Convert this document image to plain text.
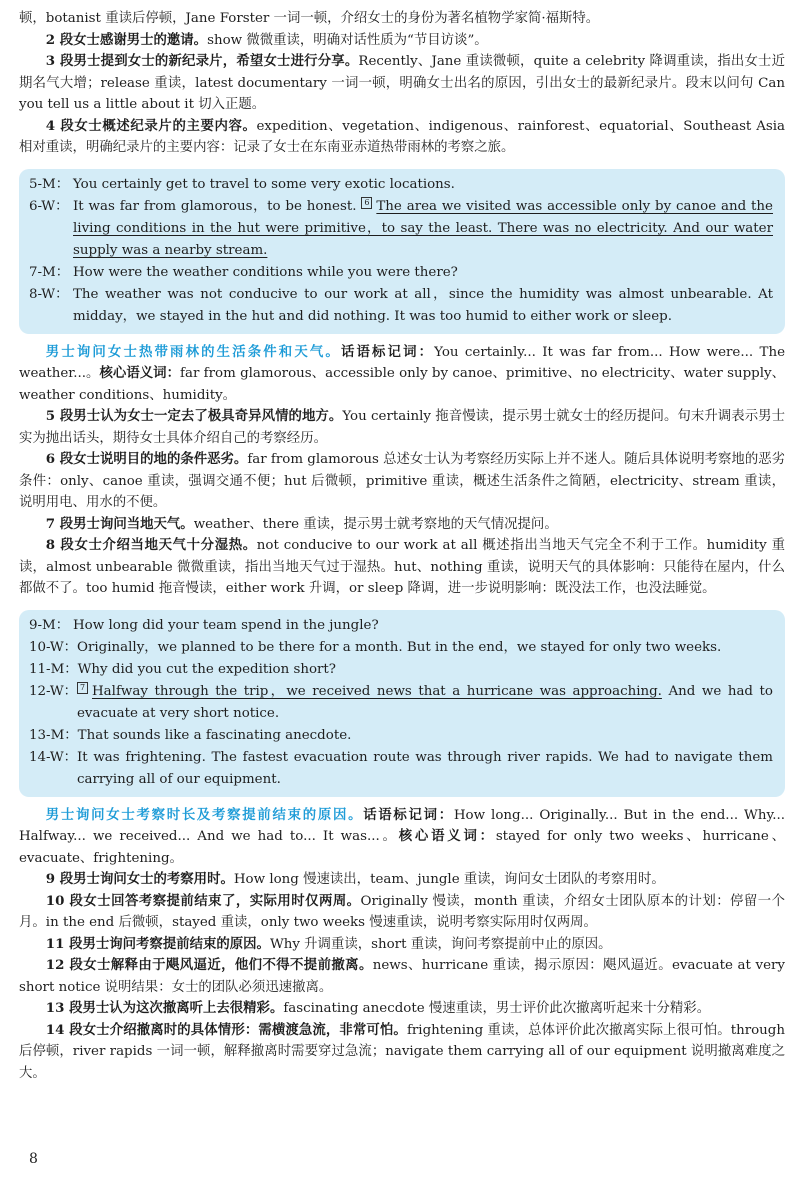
顿，botanist 重读后停顿，Jane Forster 一词一顿，介绍女士的身份为著名植物学家简·福斯特。

2 段女士感谢男士的邀请。show 微微重读，明确对话性质为“节目访谈”。

3 段男士提到女士的新纪录片，希望女士进行分享。Recently、Jane 重读微顿，quite a celebrity 降调重读，指出女士近期名气大增；release 重读，latest documentary 一词一顿，明确女士出名的原因，引出女士的最新纪录片。段末以问句 Can you tell us a little about it 切入正题。

4 段女士概述纪录片的主要内容。expedition、vegetation、indigenous、rainforest、equatorial、Southeast Asia 相对重读，明确纪录片的主要内容：记录了女士在东南亚赤道热带雨林的考察之旅。

5-M： You certainly get to travel to some very exotic locations.
6-W： It was far from glamorous，to be honest. 6 The area we visited was accessible only by canoe and the living conditions in the hut were primitive，to say the least. There was no electricity. And our water supply was a nearby stream.
7-M： How were the weather conditions while you were there?
8-W： The weather was not conducive to our work at all，since the humidity was almost unbearable. At midday，we stayed in the hut and did nothing. It was too humid to either work or sleep.

男士询问女士热带雨林的生活条件和天气。话语标记词：You certainly... It was far from... How were... The weather...。核心语义词：far from glamorous、accessible only by canoe、primitive、no electricity、water supply、weather conditions、humidity。

5 段男士认为女士一定去了极具奇异风情的地方。You certainly 拖音慢读，提示男士就女士的经历提问。句末升调表示男士实为抛出话头，期待女士具体介绍自己的考察经历。

6 段女士说明目的地的条件恶劣。far from glamorous 总述女士认为考察经历实际上并不迷人。随后具体说明考察地的恶劣条件：only、canoe 重读，强调交通不便；hut 后微顿，primitive 重读，概述生活条件之简陋，electricity、stream 重读，说明用电、用水的不便。

7 段男士询问当地天气。weather、there 重读，提示男士就考察地的天气情况提问。

8 段女士介绍当地天气十分湿热。not conducive to our work at all 概述指出当地天气完全不利于工作。humidity 重读，almost unbearable 微微重读，指出当地天气过于湿热。hut、nothing 重读，说明天气的具体影响：只能待在屋内，什么都做不了。too humid 拖音慢读，either work 升调，or sleep 降调，进一步说明影响：既没法工作，也没法睡觉。

9-M： How long did your team spend in the jungle?
10-W： Originally，we planned to be there for a month. But in the end，we stayed for only two weeks.
11-M： Why did you cut the expedition short?
12-W： 7 Halfway through the trip，we received news that a hurricane was approaching. And we had to evacuate at very short notice.
13-M： That sounds like a fascinating anecdote.
14-W： It was frightening. The fastest evacuation route was through river rapids. We had to navigate them carrying all of our equipment.

男士询问女士考察时长及考察提前结束的原因。话语标记词：How long... Originally... But in the end... Why... Halfway... we received... And we had to... It was...。核心语义词：stayed for only two weeks、hurricane、evacuate、frightening。

9 段男士询问女士的考察用时。How long 慢速读出，team、jungle 重读，询问女士团队的考察用时。

10 段女士回答考察提前结束了，实际用时仅两周。Originally 慢读，month 重读，介绍女士团队原本的计划：停留一个月。in the end 后微顿，stayed 重读，only two weeks 慢速重读，说明考察实际用时仅两周。

11 段男士询问考察提前结束的原因。Why 升调重读，short 重读，询问考察提前中止的原因。

12 段女士解释由于飓风逼近，他们不得不提前撤离。news、hurricane 重读，揭示原因：飓风逼近。evacuate at very short notice 说明结果：女士的团队必须迅速撤离。

13 段男士认为这次撤离听上去很精彩。fascinating anecdote 慢速重读，男士评价此次撤离听起来十分精彩。

14 段女士介绍撤离时的具体情形：需横渡急流，非常可怕。frightening 重读，总体评价此次撤离实际上很可怕。through 后停顿，river rapids 一词一顿，解释撤离时需要穿过急流；navigate them carrying all of our equipment 说明撤离难度之大。

8
